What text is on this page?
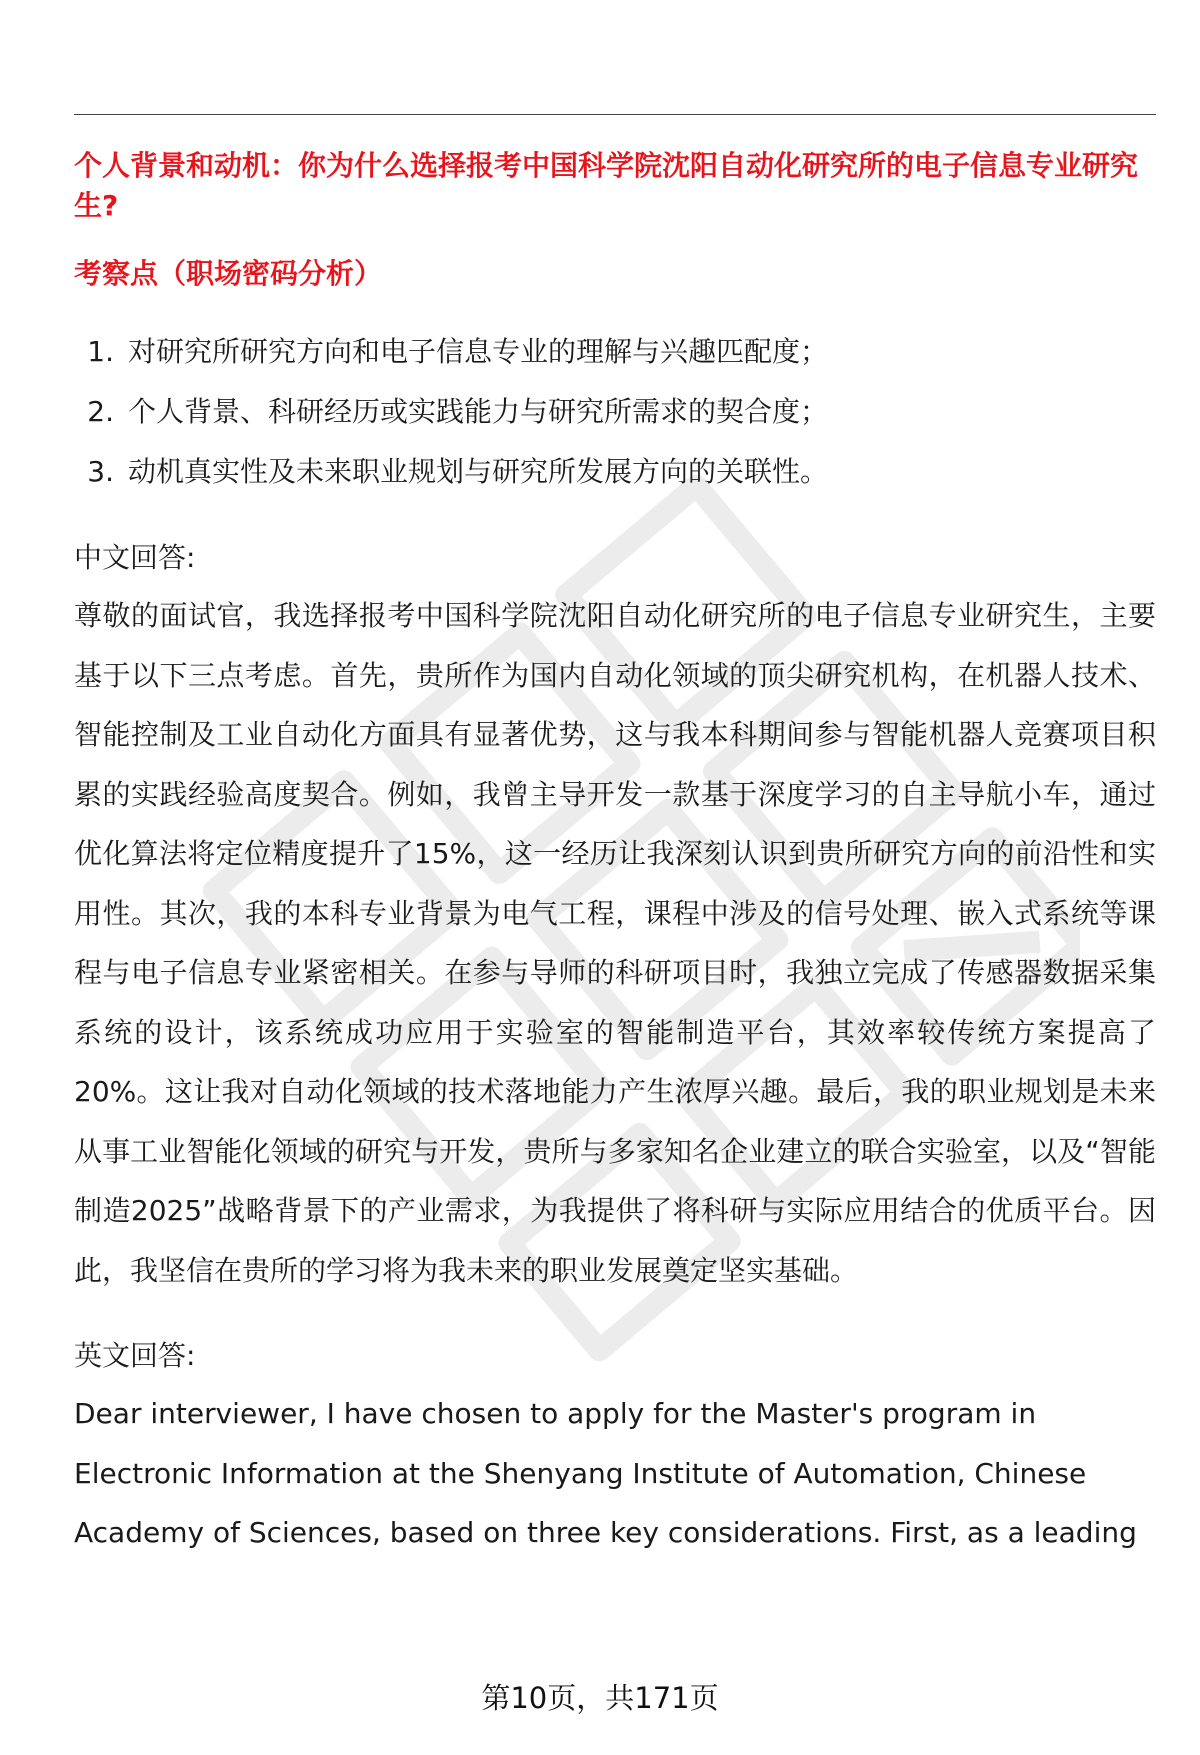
个人背景和动机：你为什么选择报考中国科学院沈阳自动化研究所的电子信息专业研究生?

考察点（职场密码分析）

1. 对研究所研究方向和电子信息专业的理解与兴趣匹配度；
2. 个人背景、科研经历或实践能力与研究所需求的契合度；
3. 动机真实性及未来职业规划与研究所发展方向的关联性。

中文回答:

尊敬的面试官，我选择报考中国科学院沈阳自动化研究所的电子信息专业研究生，主要基于以下三点考虑。首先，贵所作为国内自动化领域的顶尖研究机构，在机器人技术、智能控制及工业自动化方面具有显著优势，这与我本科期间参与智能机器人竞赛项目积累的实践经验高度契合。例如，我曾主导开发一款基于深度学习的自主导航小车，通过优化算法将定位精度提升了15%，这一经历让我深刻认识到贵所研究方向的前沿性和实用性。其次，我的本科专业背景为电气工程，课程中涉及的信号处理、嵌入式系统等课程与电子信息专业紧密相关。在参与导师的科研项目时，我独立完成了传感器数据采集系统的设计，该系统成功应用于实验室的智能制造平台，其效率较传统方案提高了20%。这让我对自动化领域的技术落地能力产生浓厚兴趣。最后，我的职业规划是未来从事工业智能化领域的研究与开发，贵所与多家知名企业建立的联合实验室，以及“智能制造2025”战略背景下的产业需求，为我提供了将科研与实际应用结合的优质平台。因此，我坚信在贵所的学习将为我未来的职业发展奠定坚实基础。

英文回答:

Dear interviewer, I have chosen to apply for the Master's program in Electronic Information at the Shenyang Institute of Automation, Chinese Academy of Sciences, based on three key considerations. First, as a leading

第10页，共171页
